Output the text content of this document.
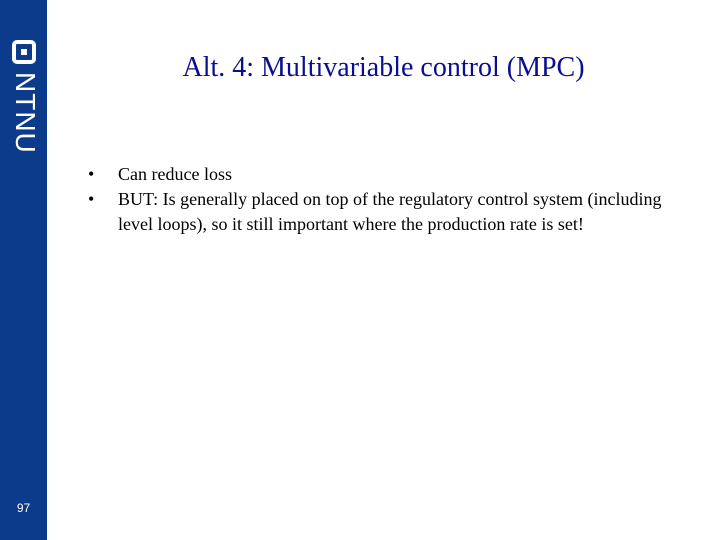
NTNU
97
Alt. 4: Multivariable control (MPC)
• Can reduce loss
• BUT: Is generally placed on top of the regulatory control system (including level loops), so it still important where the production rate is set!
